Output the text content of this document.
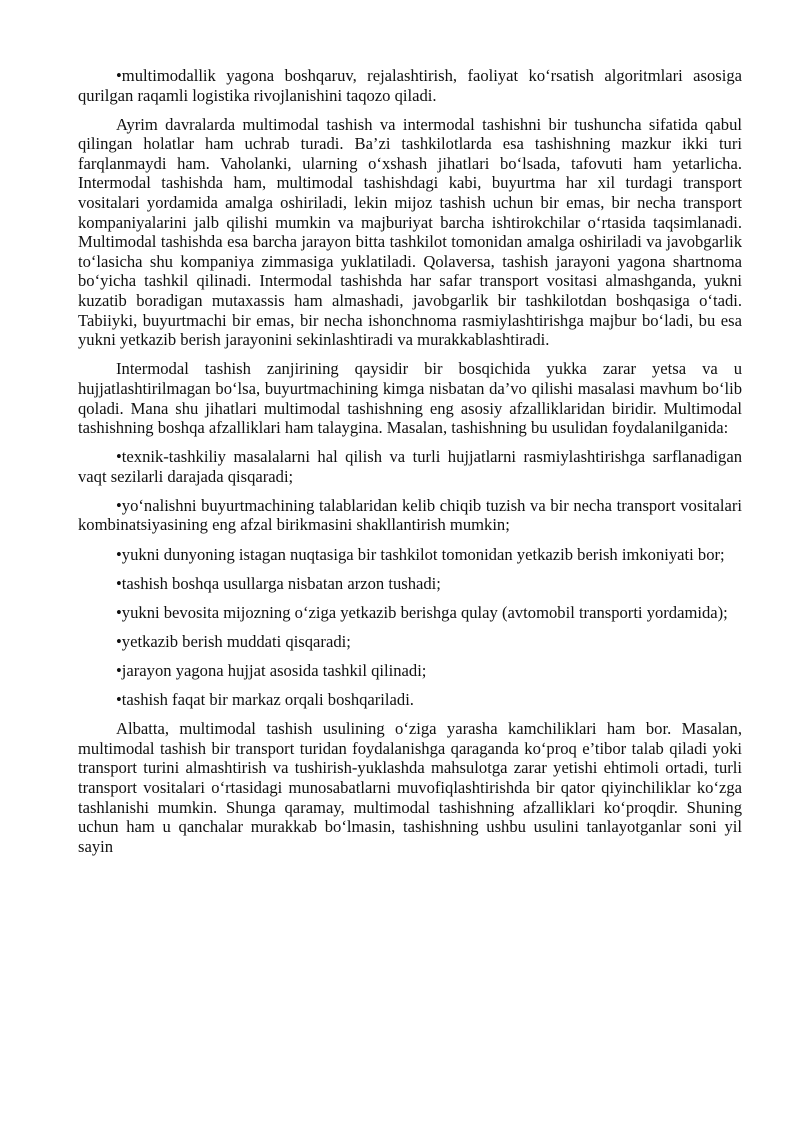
•multimodallik yagona boshqaruv, rejalashtirish, faoliyat ko‘rsatish algoritmlari asosiga qurilgan raqamli logistika rivojlanishini taqozo qiladi.

Ayrim davralarda multimodal tashish va intermodal tashishni bir tushuncha sifatida qabul qilingan holatlar ham uchrab turadi. Ba’zi tashkilotlarda esa tashishning mazkur ikki turi farqlanmaydi ham. Vaholanki, ularning o‘xshash jihatlari bo‘lsada, tafovuti ham yetarlicha. Intermodal tashishda ham, multimodal tashishdagi kabi, buyurtma har xil turdagi transport vositalari yordamida amalga oshiriladi, lekin mijoz tashish uchun bir emas, bir necha transport kompaniyalarini jalb qilishi mumkin va majburiyat barcha ishtirokchilar o‘rtasida taqsimlanadi. Multimodal tashishda esa barcha jarayon bitta tashkilot tomonidan amalga oshiriladi va javobgarlik to‘lasicha shu kompaniya zimmasiga yuklatiladi. Qolaversa, tashish jarayoni yagona shartnoma bo‘yicha tashkil qilinadi. Intermodal tashishda har safar transport vositasi almashganda, yukni kuzatib boradigan mutaxassis ham almashadi, javobgarlik bir tashkilotdan boshqasiga o‘tadi. Tabiiyki, buyurtmachi bir emas, bir necha ishonchnoma rasmiylashtirishga majbur bo‘ladi, bu esa yukni yetkazib berish jarayonini sekinlashtiradi va murakkablashtiradi.

Intermodal tashish zanjirining qaysidir bir bosqichida yukka zarar yetsa va u hujjatlashtirilmagan bo‘lsa, buyurtmachining kimga nisbatan da’vo qilishi masalasi mavhum bo‘lib qoladi. Mana shu jihatlari multimodal tashishning eng asosiy afzalliklaridan biridir. Multimodal tashishning boshqa afzalliklari ham talaygina. Masalan, tashishning bu usulidan foydalanilganida:

•texnik-tashkiliy masalalarni hal qilish va turli hujjatlarni rasmiylashtirishga sarflanadigan vaqt sezilarli darajada qisqaradi;

•yo‘nalishni buyurtmachining talablaridan kelib chiqib tuzish va bir necha transport vositalari kombinatsiyasining eng afzal birikmasini shakllantirish mumkin;

•yukni dunyoning istagan nuqtasiga bir tashkilot tomonidan yetkazib berish imkoniyati bor;

•tashish boshqa usullarga nisbatan arzon tushadi;

•yukni bevosita mijozning o‘ziga yetkazib berishga qulay (avtomobil transporti yordamida);

•yetkazib berish muddati qisqaradi;

•jarayon yagona hujjat asosida tashkil qilinadi;

•tashish faqat bir markaz orqali boshqariladi.

Albatta, multimodal tashish usulining o‘ziga yarasha kamchiliklari ham bor. Masalan, multimodal tashish bir transport turidan foydalanishga qaraganda ko‘proq e’tibor talab qiladi yoki transport turini almashtirish va tushirish-yuklashda mahsulotga zarar yetishi ehtimoli ortadi, turli transport vositalari o‘rtasidagi munosabatlarni muvofiqlashtirishda bir qator qiyinchiliklar ko‘zga tashlanishi mumkin. Shunga qaramay, multimodal tashishning afzalliklari ko‘proqdir. Shuning uchun ham u qanchalar murakkab bo‘lmasin, tashishning ushbu usulini tanlayotganlar soni yil sayin
